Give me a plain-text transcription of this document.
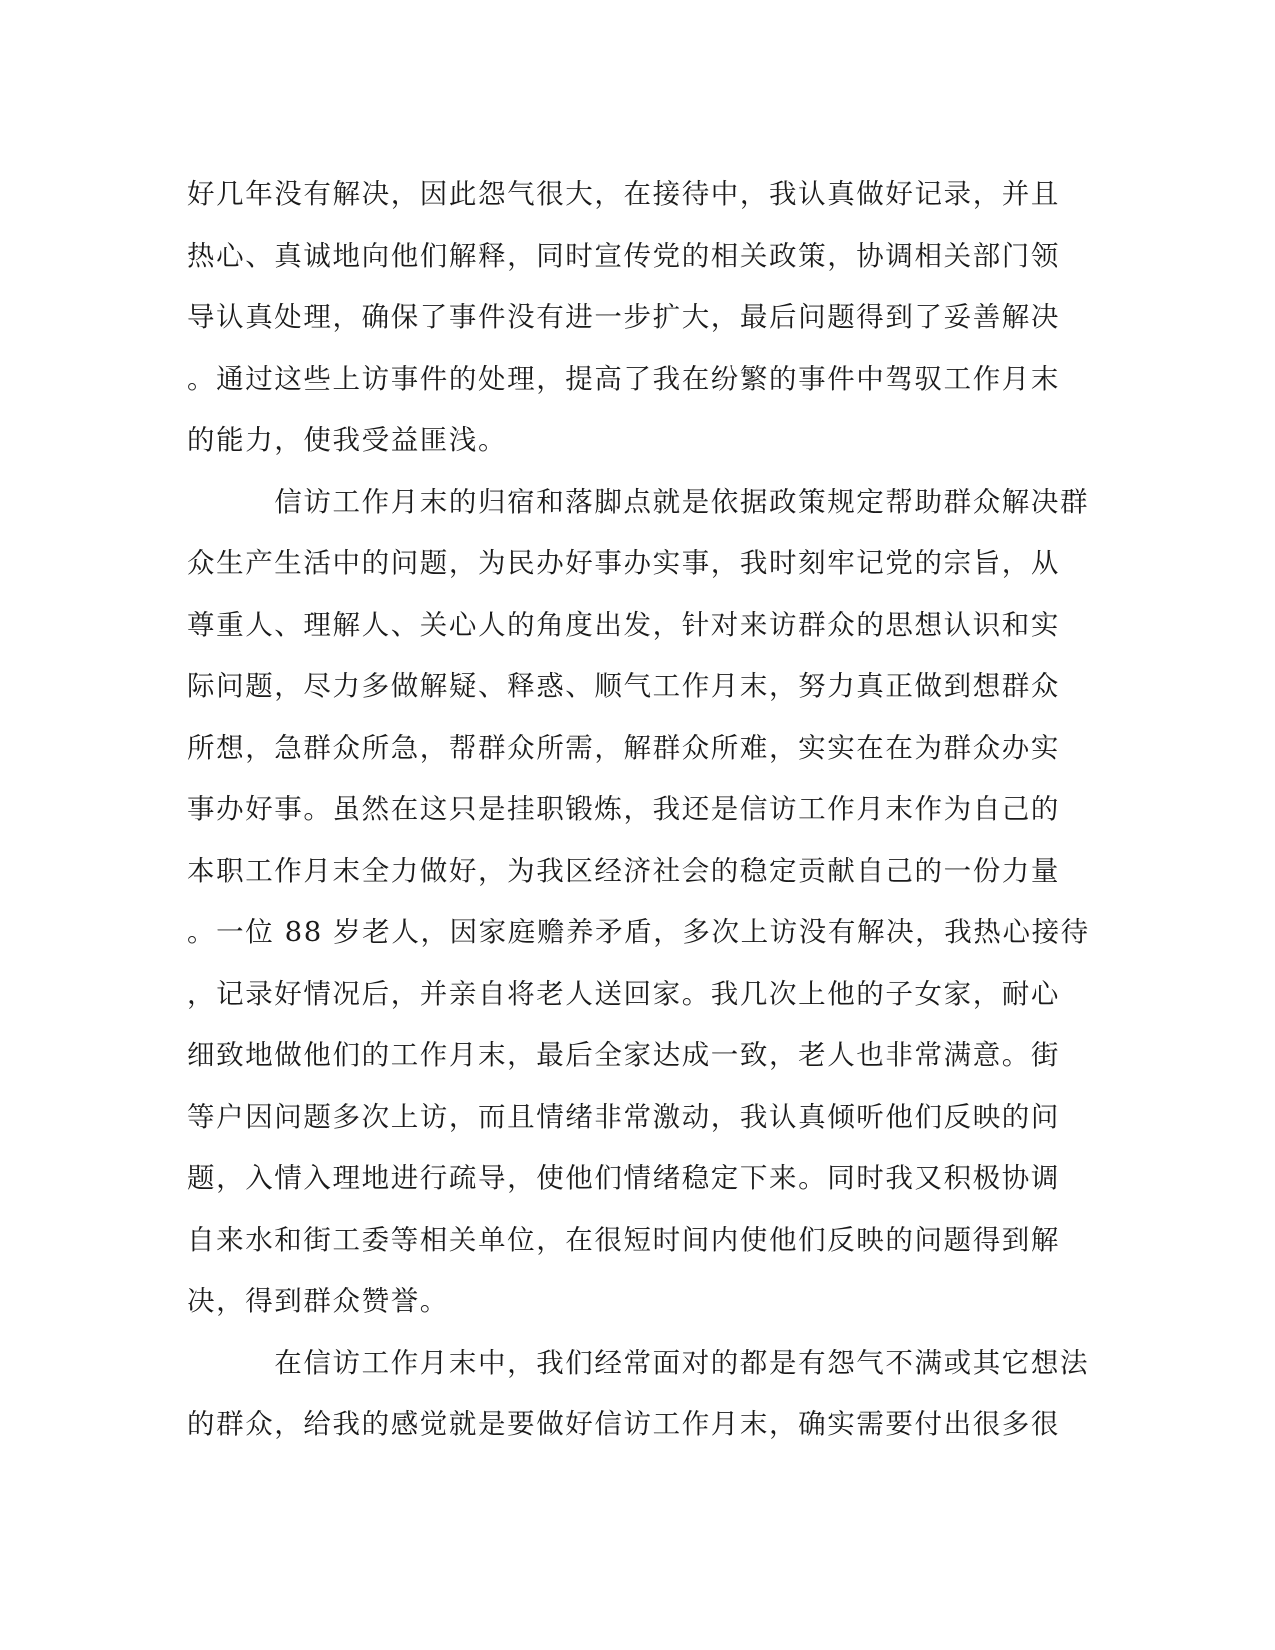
好几年没有解决，因此怨气很大，在接待中，我认真做好记录，并且
热心、真诚地向他们解释，同时宣传党的相关政策，协调相关部门领
导认真处理，确保了事件没有进一步扩大，最后问题得到了妥善解决
。通过这些上访事件的处理，提高了我在纷繁的事件中驾驭工作月末
的能力，使我受益匪浅。
　　　信访工作月末的归宿和落脚点就是依据政策规定帮助群众解决群
众生产生活中的问题，为民办好事办实事，我时刻牢记党的宗旨，从
尊重人、理解人、关心人的角度出发，针对来访群众的思想认识和实
际问题，尽力多做解疑、释惑、顺气工作月末，努力真正做到想群众
所想，急群众所急，帮群众所需，解群众所难，实实在在为群众办实
事办好事。虽然在这只是挂职锻炼，我还是信访工作月末作为自己的
本职工作月末全力做好，为我区经济社会的稳定贡献自己的一份力量
。一位 88 岁老人，因家庭赡养矛盾，多次上访没有解决，我热心接待
，记录好情况后，并亲自将老人送回家。我几次上他的子女家，耐心
细致地做他们的工作月末，最后全家达成一致，老人也非常满意。街
等户因问题多次上访，而且情绪非常激动，我认真倾听他们反映的问
题，入情入理地进行疏导，使他们情绪稳定下来。同时我又积极协调
自来水和街工委等相关单位，在很短时间内使他们反映的问题得到解
决，得到群众赞誉。
　　　在信访工作月末中，我们经常面对的都是有怨气不满或其它想法
的群众，给我的感觉就是要做好信访工作月末，确实需要付出很多很
